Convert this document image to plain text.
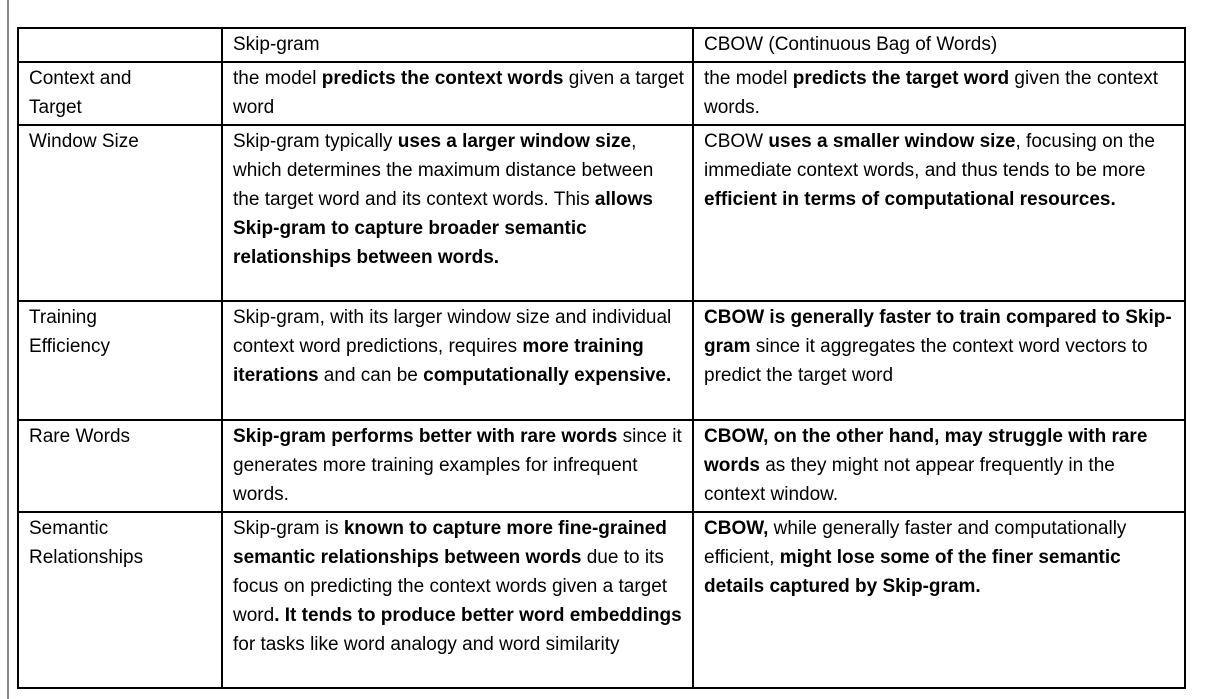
	Skip-gram	CBOW (Continuous Bag of Words)
Context and Target	the model predicts the context words given a target word	the model predicts the target word given the context words.
Window Size	Skip-gram typically uses a larger window size, which determines the maximum distance between the target word and its context words. This allows Skip-gram to capture broader semantic relationships between words.	CBOW uses a smaller window size, focusing on the immediate context words, and thus tends to be more efficient in terms of computational resources.
Training Efficiency	Skip-gram, with its larger window size and individual context word predictions, requires more training iterations and can be computationally expensive.	CBOW is generally faster to train compared to Skip-gram since it aggregates the context word vectors to predict the target word
Rare Words	Skip-gram performs better with rare words since it generates more training examples for infrequent words.	CBOW, on the other hand, may struggle with rare words as they might not appear frequently in the context window.
Semantic Relationships	Skip-gram is known to capture more fine-grained semantic relationships between words due to its focus on predicting the context words given a target word. It tends to produce better word embeddings for tasks like word analogy and word similarity	CBOW, while generally faster and computationally efficient, might lose some of the finer semantic details captured by Skip-gram.
